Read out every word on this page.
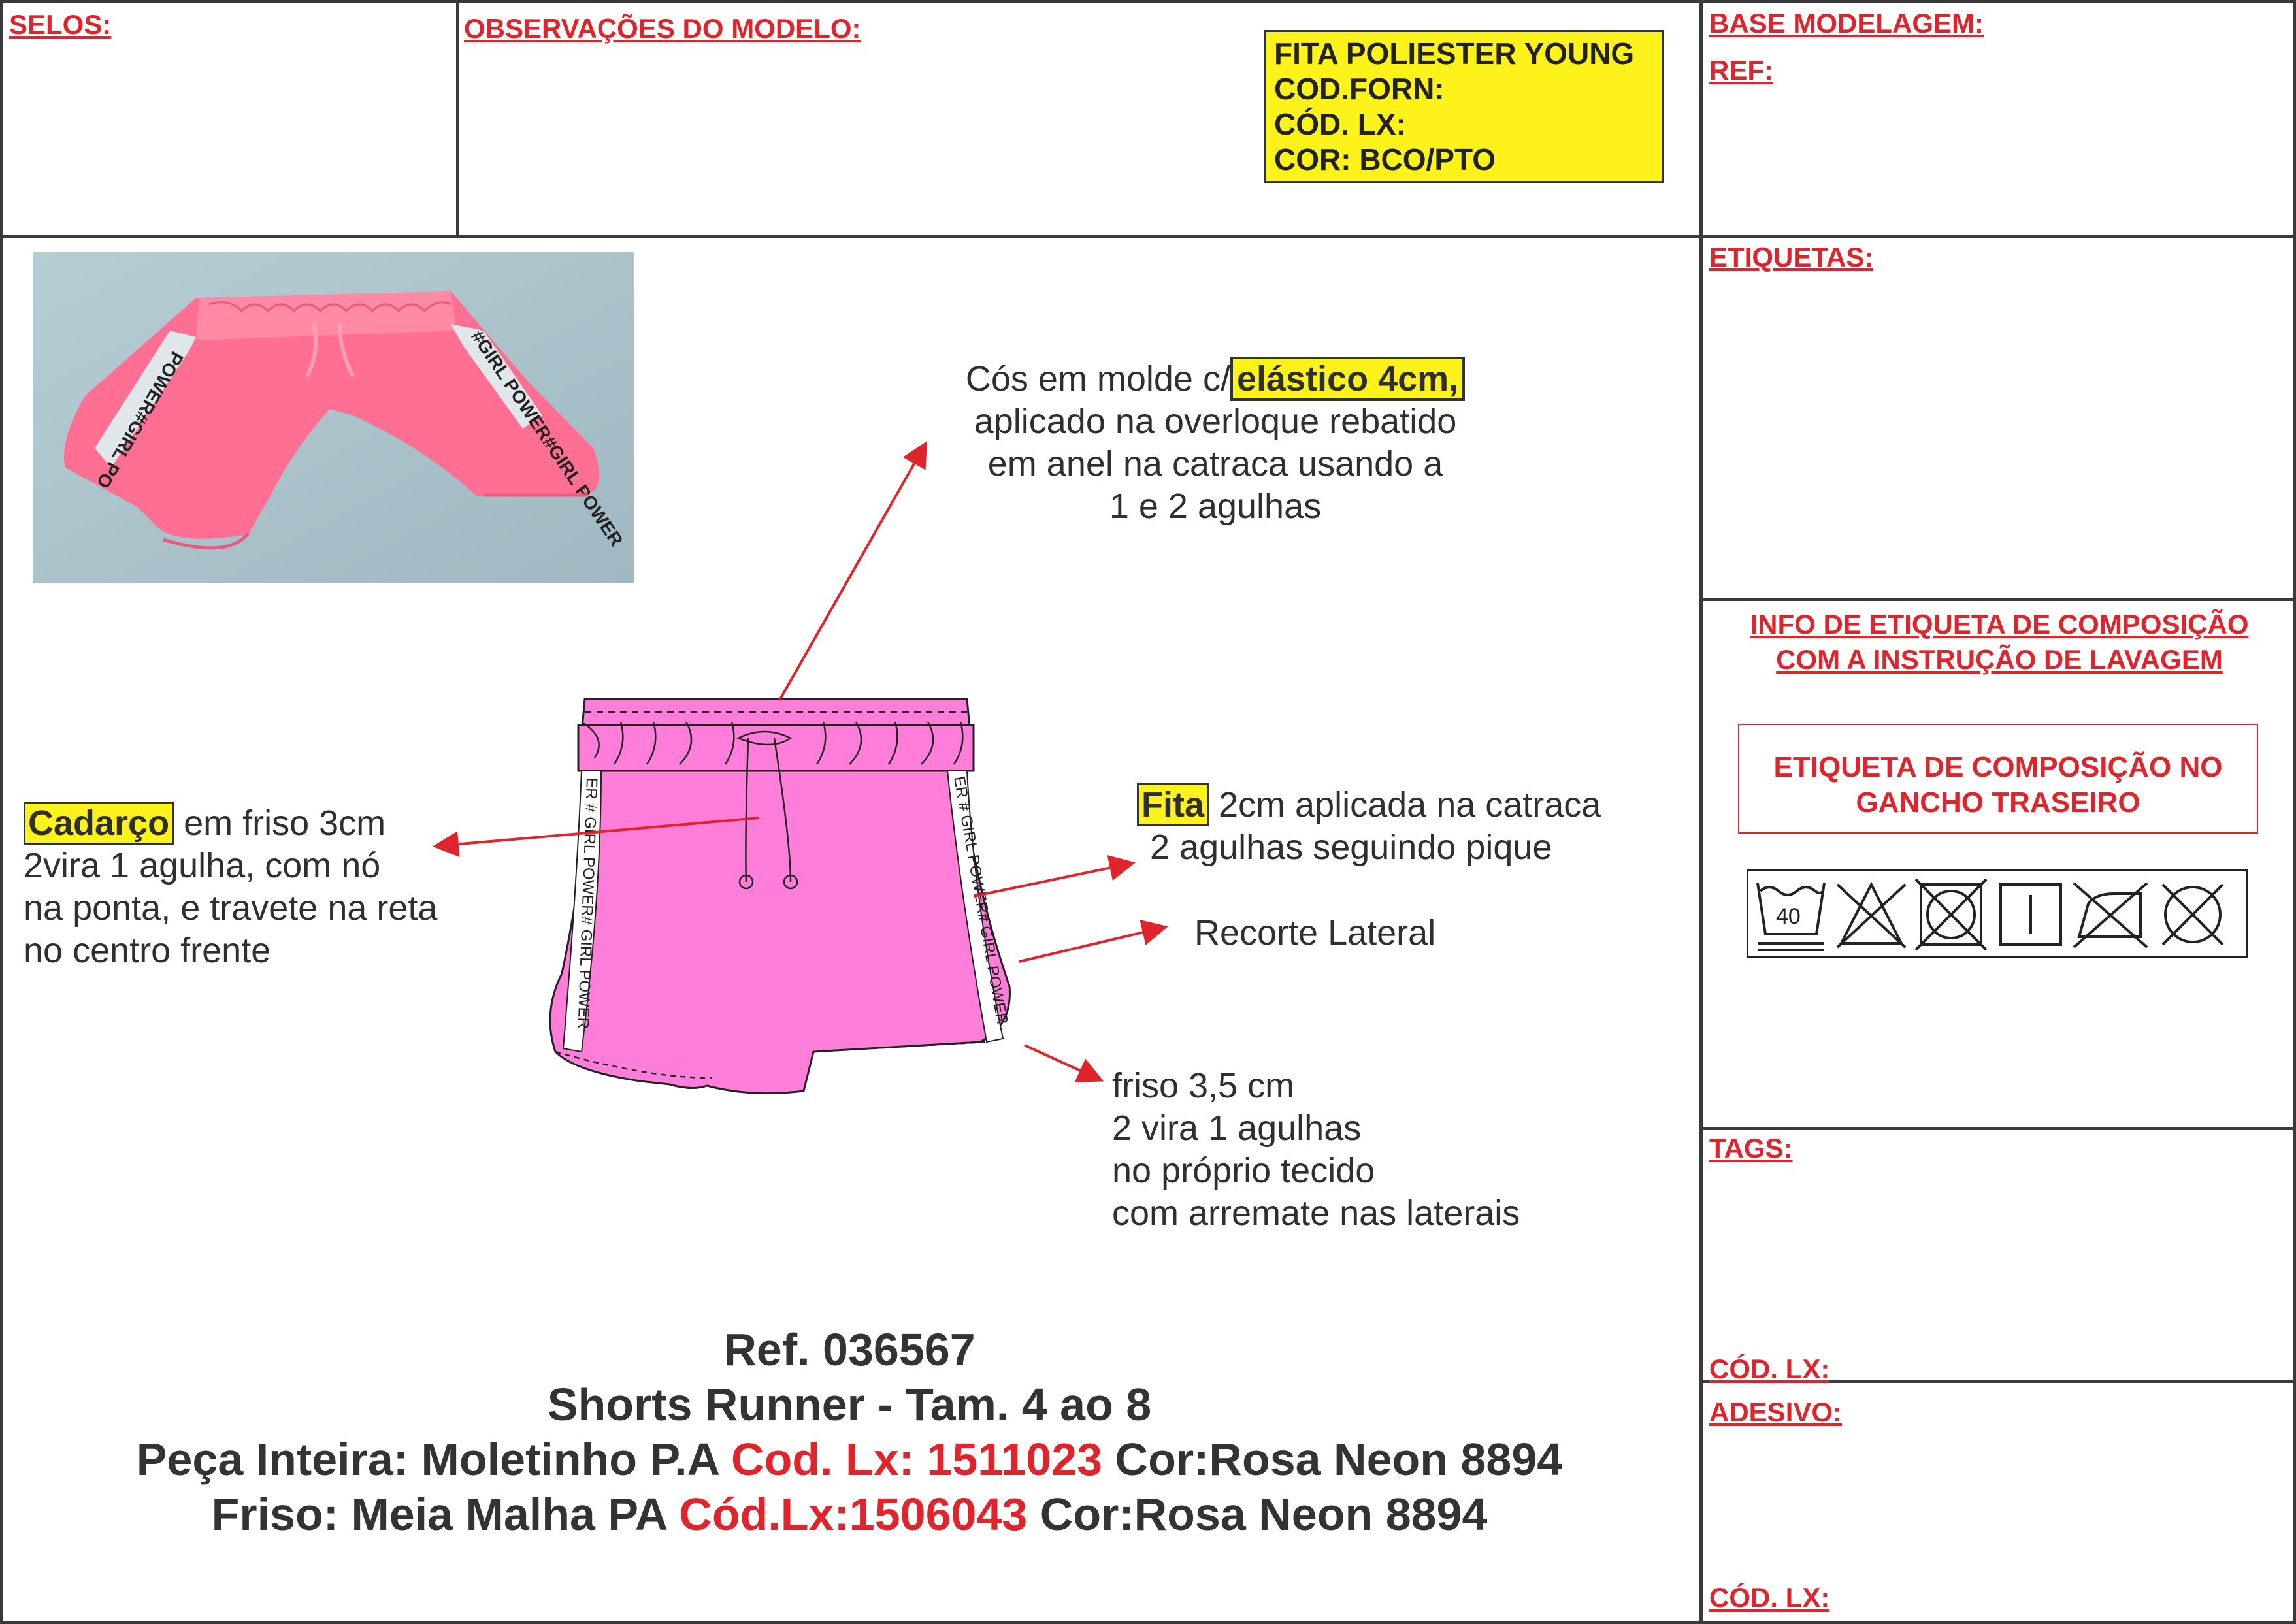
SELOS:	OBSERVAÇÕES DO MODELO:
FITA POLIESTER YOUNG
COD.FORN:
CÓD. LX:
COR: BCO/PTO
BASE MODELAGEM:
REF:
ETIQUETAS:
INFO DE ETIQUETA DE COMPOSIÇÃO
COM A INSTRUÇÃO DE LAVAGEM
ETIQUETA DE COMPOSIÇÃO NO
GANCHO TRASEIRO
40
TAGS:
CÓD. LX:
ADESIVO:
CÓD. LX:
POWER#GIRL PO	#GIRL POWER#GIRL POWER
ER # GIRL POWER# GIRL POWER	ER # GIRL POWER# GIRL POWER
Cós em molde c/ elástico 4cm,
aplicado na overloque rebatido
em anel na catraca usando a
1 e 2 agulhas
Cadarço em friso 3cm
2vira 1 agulha, com nó
na ponta, e travete na reta
no centro frente
Fita 2cm aplicada na catraca
2 agulhas seguindo pique
Recorte Lateral
friso 3,5 cm
2 vira 1 agulhas
no próprio tecido
com arremate nas laterais
Ref. 036567
Shorts Runner - Tam. 4 ao 8
Peça Inteira: Moletinho P.A Cod. Lx: 1511023 Cor:Rosa Neon 8894
Friso: Meia Malha PA Cód.Lx:1506043 Cor:Rosa Neon 8894
